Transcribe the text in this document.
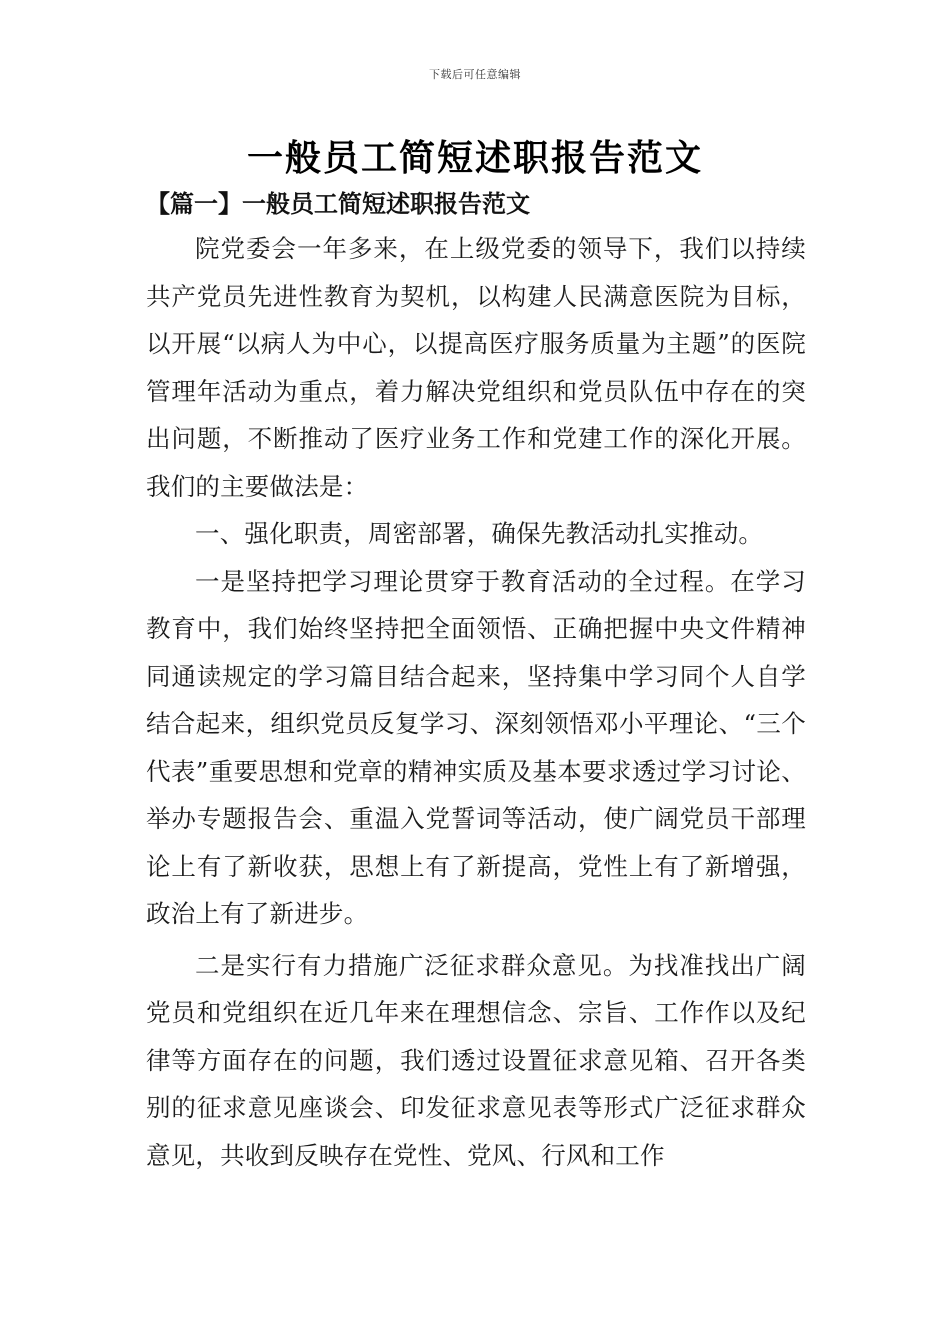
下载后可任意编辑
一般员工简短述职报告范文
【篇一】一般员工简短述职报告范文

院党委会一年多来，在上级党委的领导下，我们以持续共产党员先进性教育为契机，以构建人民满意医院为目标，以开展“以病人为中心，以提高医疗服务质量为主题”的医院管理年活动为重点，着力解决党组织和党员队伍中存在的突出问题，不断推动了医疗业务工作和党建工作的深化开展。我们的主要做法是：

一、强化职责，周密部署，确保先教活动扎实推动。

一是坚持把学习理论贯穿于教育活动的全过程。在学习教育中，我们始终坚持把全面领悟、正确把握中央文件精神同通读规定的学习篇目结合起来，坚持集中学习同个人自学结合起来，组织党员反复学习、深刻领悟邓小平理论、“三个代表”重要思想和党章的精神实质及基本要求透过学习讨论、举办专题报告会、重温入党誓词等活动，使广阔党员干部理论上有了新收获，思想上有了新提高，党性上有了新增强，政治上有了新进步。

二是实行有力措施广泛征求群众意见。为找准找出广阔党员和党组织在近几年来在理想信念、宗旨、工作作以及纪律等方面存在的问题，我们透过设置征求意见箱、召开各类别的征求意见座谈会、印发征求意见表等形式广泛征求群众意见，共收到反映存在党性、党风、行风和工作
